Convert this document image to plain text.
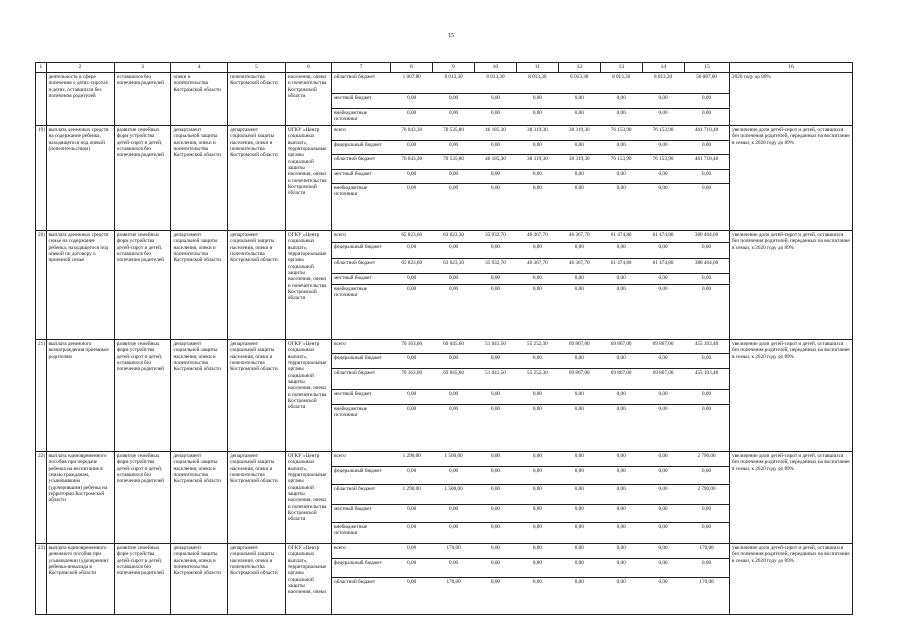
15
1	2	3	4	5	6	7	8	9	10	11	12	13	14	15	16
	деятельность в сфере попечения о детях-сиротах и детях, оставшихся без попечения родителей	оставшихся без попечения родителей	опеки и попечительства Костромской области	попечительства Костромской области	населения, опеки и попечительства Костромской области	
областной бюджет	1 007,80	8 013,30	8 013,30	8 013,30	8 013,30	8 013,30	8 013,30	56 087,60
местный бюджет	0,00	0,00	0,00	0,00	0,00	0,00	0,00	0,00
внебюджетные источники	0,00	0,00	0,00	0,00	0,00	0,00	0,00	0,00
	2020 году до 89%
19)	выплата денежных средств на содержание ребенка, находящегося под опекой (попечительством)	развитие семейных форм устройства детей-сирот и детей, оставшихся без попечения родителей	департамент социальной защиты населения, опеки и попечительства Костромской области	департамент социальной защиты населения, опеки и попечительства Костромской области	ОГКУ «Центр социальных выплат», территориальные органы социальной защиты населения, опеки и попечительства Костромской области	
всего	76 043,30	70 535,80	46 185,30	38 319,30	38 319,30	76 153,90	76 153,90	461 710,40
федеральный бюджет	0,00	0,00	0,00	0,00	0,00	0,00	0,00	0,00
областной бюджет	76 043,30	70 535,80	46 185,30	38 319,30	38 319,30	76 153,90	76 153,90	461 710,40
местный бюджет	0,00	0,00	0,00	0,00	0,00	0,00	0,00	0,00
внебюджетные источники	0,00	0,00	0,00	0,00	0,00	0,00	0,00	0,00
	увеличение доли детей-сирот и детей, оставшихся без попечения родителей, переданных на воспитание в семьи, к 2020 году до 89%
20)	выплата денежных средств семье на содержание ребенка, находящегося под опекой по договору о приемной семье	развитие семейных форм устройства детей-сирот и детей, оставшихся без попечения родителей	департамент социальной защиты населения, опеки и попечительства Костромской области	департамент социальной защиты населения, опеки и попечительства Костромской области	ОГКУ «Центр социальных выплат», территориальные органы социальной защиты населения, опеки и попечительства Костромской области	
всего	65 823,60	63 023,30	35 932,70	46 367,70	46 367,70	61 474,80	61 474,80	380 464,60
федеральный бюджет	0,00	0,00	0,00	0,00	0,00	0,00	0,00	0,00
областной бюджет	65 823,60	63 023,30	35 932,70	46 367,70	46 367,70	61 474,80	61 474,80	380 464,60
местный бюджет	0,00	0,00	0,00	0,00	0,00	0,00	0,00	0,00
внебюджетные источники	0,00	0,00	0,00	0,00	0,00	0,00	0,00	0,00
	увеличение доли детей-сирот и детей, оставшихся без попечения родителей, переданных на воспитание в семьи, к 2020 году до 89%
21)	выплата денежного вознаграждения приемным родителям	развитие семейных форм устройства детей-сирот и детей, оставшихся без попечения родителей	департамент социальной защиты населения, опеки и попечительства Костромской области	департамент социальной защиты населения, опеки и попечительства Костромской области	ОГКУ «Центр социальных выплат», территориальные органы социальной защиты населения, опеки и попечительства Костромской области	
всего	70 163,00	69 045,60	51 041,50	55 252,30	69 867,00	69 867,00	69 867,00	455 103,40
федеральный бюджет	0,00	0,00	0,00	0,00	0,00	0,00	0,00	0,00
областной бюджет	70 163,00	69 045,60	51 041,50	55 252,30	69 867,00	69 867,00	69 867,00	455 103,40
местный бюджет	0,00	0,00	0,00	0,00	0,00	0,00	0,00	0,00
внебюджетные источники	0,00	0,00	0,00	0,00	0,00	0,00	0,00	0,00
	увеличение доли детей-сирот и детей, оставшихся без попечения родителей, переданных на воспитание в семьи, к 2020 году до 89%
22)	выплата единовременного пособия при передаче ребенка на воспитание в семью гражданам, усыновившим (удочерившим) ребенка на территории Костромской области	развитие семейных форм устройства детей-сирот и детей, оставшихся без попечения родителей	департамент социальной защиты населения, опеки и попечительства Костромской области	департамент социальной защиты населения, опеки и попечительства Костромской области	ОГКУ «Центр социальных выплат», территориальные органы социальной защиты населения, опеки и попечительства Костромской области	
всего	1 290,00	1 500,00	0,00	0,00	0,00	0,00	0,00	2 790,00
федеральный бюджет	0,00	0,00	0,00	0,00	0,00	0,00	0,00	0,00
областной бюджет	1 290,00	1 500,00	0,00	0,00	0,00	0,00	0,00	2 790,00
местный бюджет	0,00	0,00	0,00	0,00	0,00	0,00	0,00	0,00
внебюджетные источники	0,00	0,00	0,00	0,00	0,00	0,00	0,00	0,00
	увеличение доли детей-сирот и детей, оставшихся без попечения родителей, переданных на воспитание в семьи, к 2020 году до 89%
23)	выплата единовременного денежного пособия при усыновлении (удочерении) ребенка-инвалида в Костромской области	развитие семейных форм устройства детей-сирот и детей, оставшихся без попечения родителей	департамент социальной защиты населения, опеки и попечительства Костромской области	департамент социальной защиты населения, опеки и попечительства Костромской области	ОГКУ «Центр социальных выплат», территориальные органы социальной защиты населения, опеки	
всего	0,00	170,00	0,00	0,00	0,00	0,00	0,00	170,00
федеральный бюджет	0,00	0,00	0,00	0,00	0,00	0,00	0,00	0,00
областной бюджет	0,00	170,00	0,00	0,00	0,00	0,00	0,00	170,00
	увеличение доли детей-сирот и детей, оставшихся без попечения родителей, переданных на воспитание в семьи, к 2020 году до 89%
